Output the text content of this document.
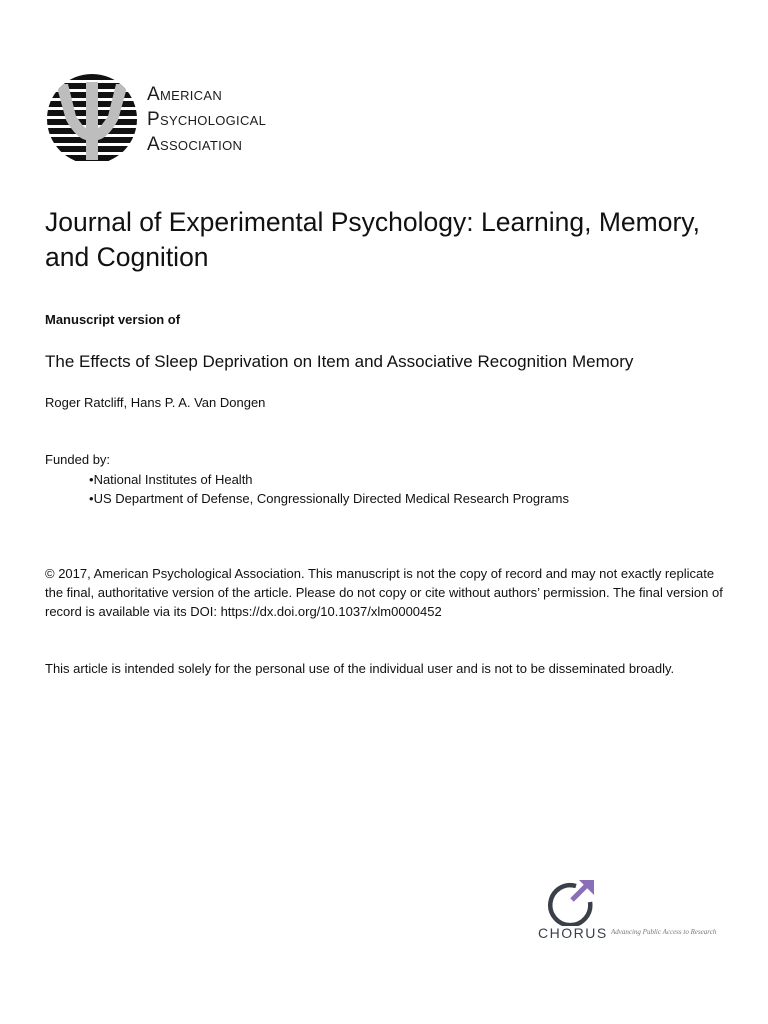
American
Psychological
Association
Journal of Experimental Psychology: Learning, Memory, and Cognition
Manuscript version of
The Effects of Sleep Deprivation on Item and Associative Recognition Memory
Roger Ratcliff, Hans P. A. Van Dongen
Funded by:
• National Institutes of Health
• US Department of Defense, Congressionally Directed Medical Research Programs
© 2017, American Psychological Association. This manuscript is not the copy of record and may not exactly replicate the final, authoritative version of the article. Please do not copy or cite without authors’ permission. The final version of record is available via its DOI: https://dx.doi.org/10.1037/xlm0000452
This article is intended solely for the personal use of the individual user and is not to be disseminated broadly.
CHORUS Advancing Public Access to Research
